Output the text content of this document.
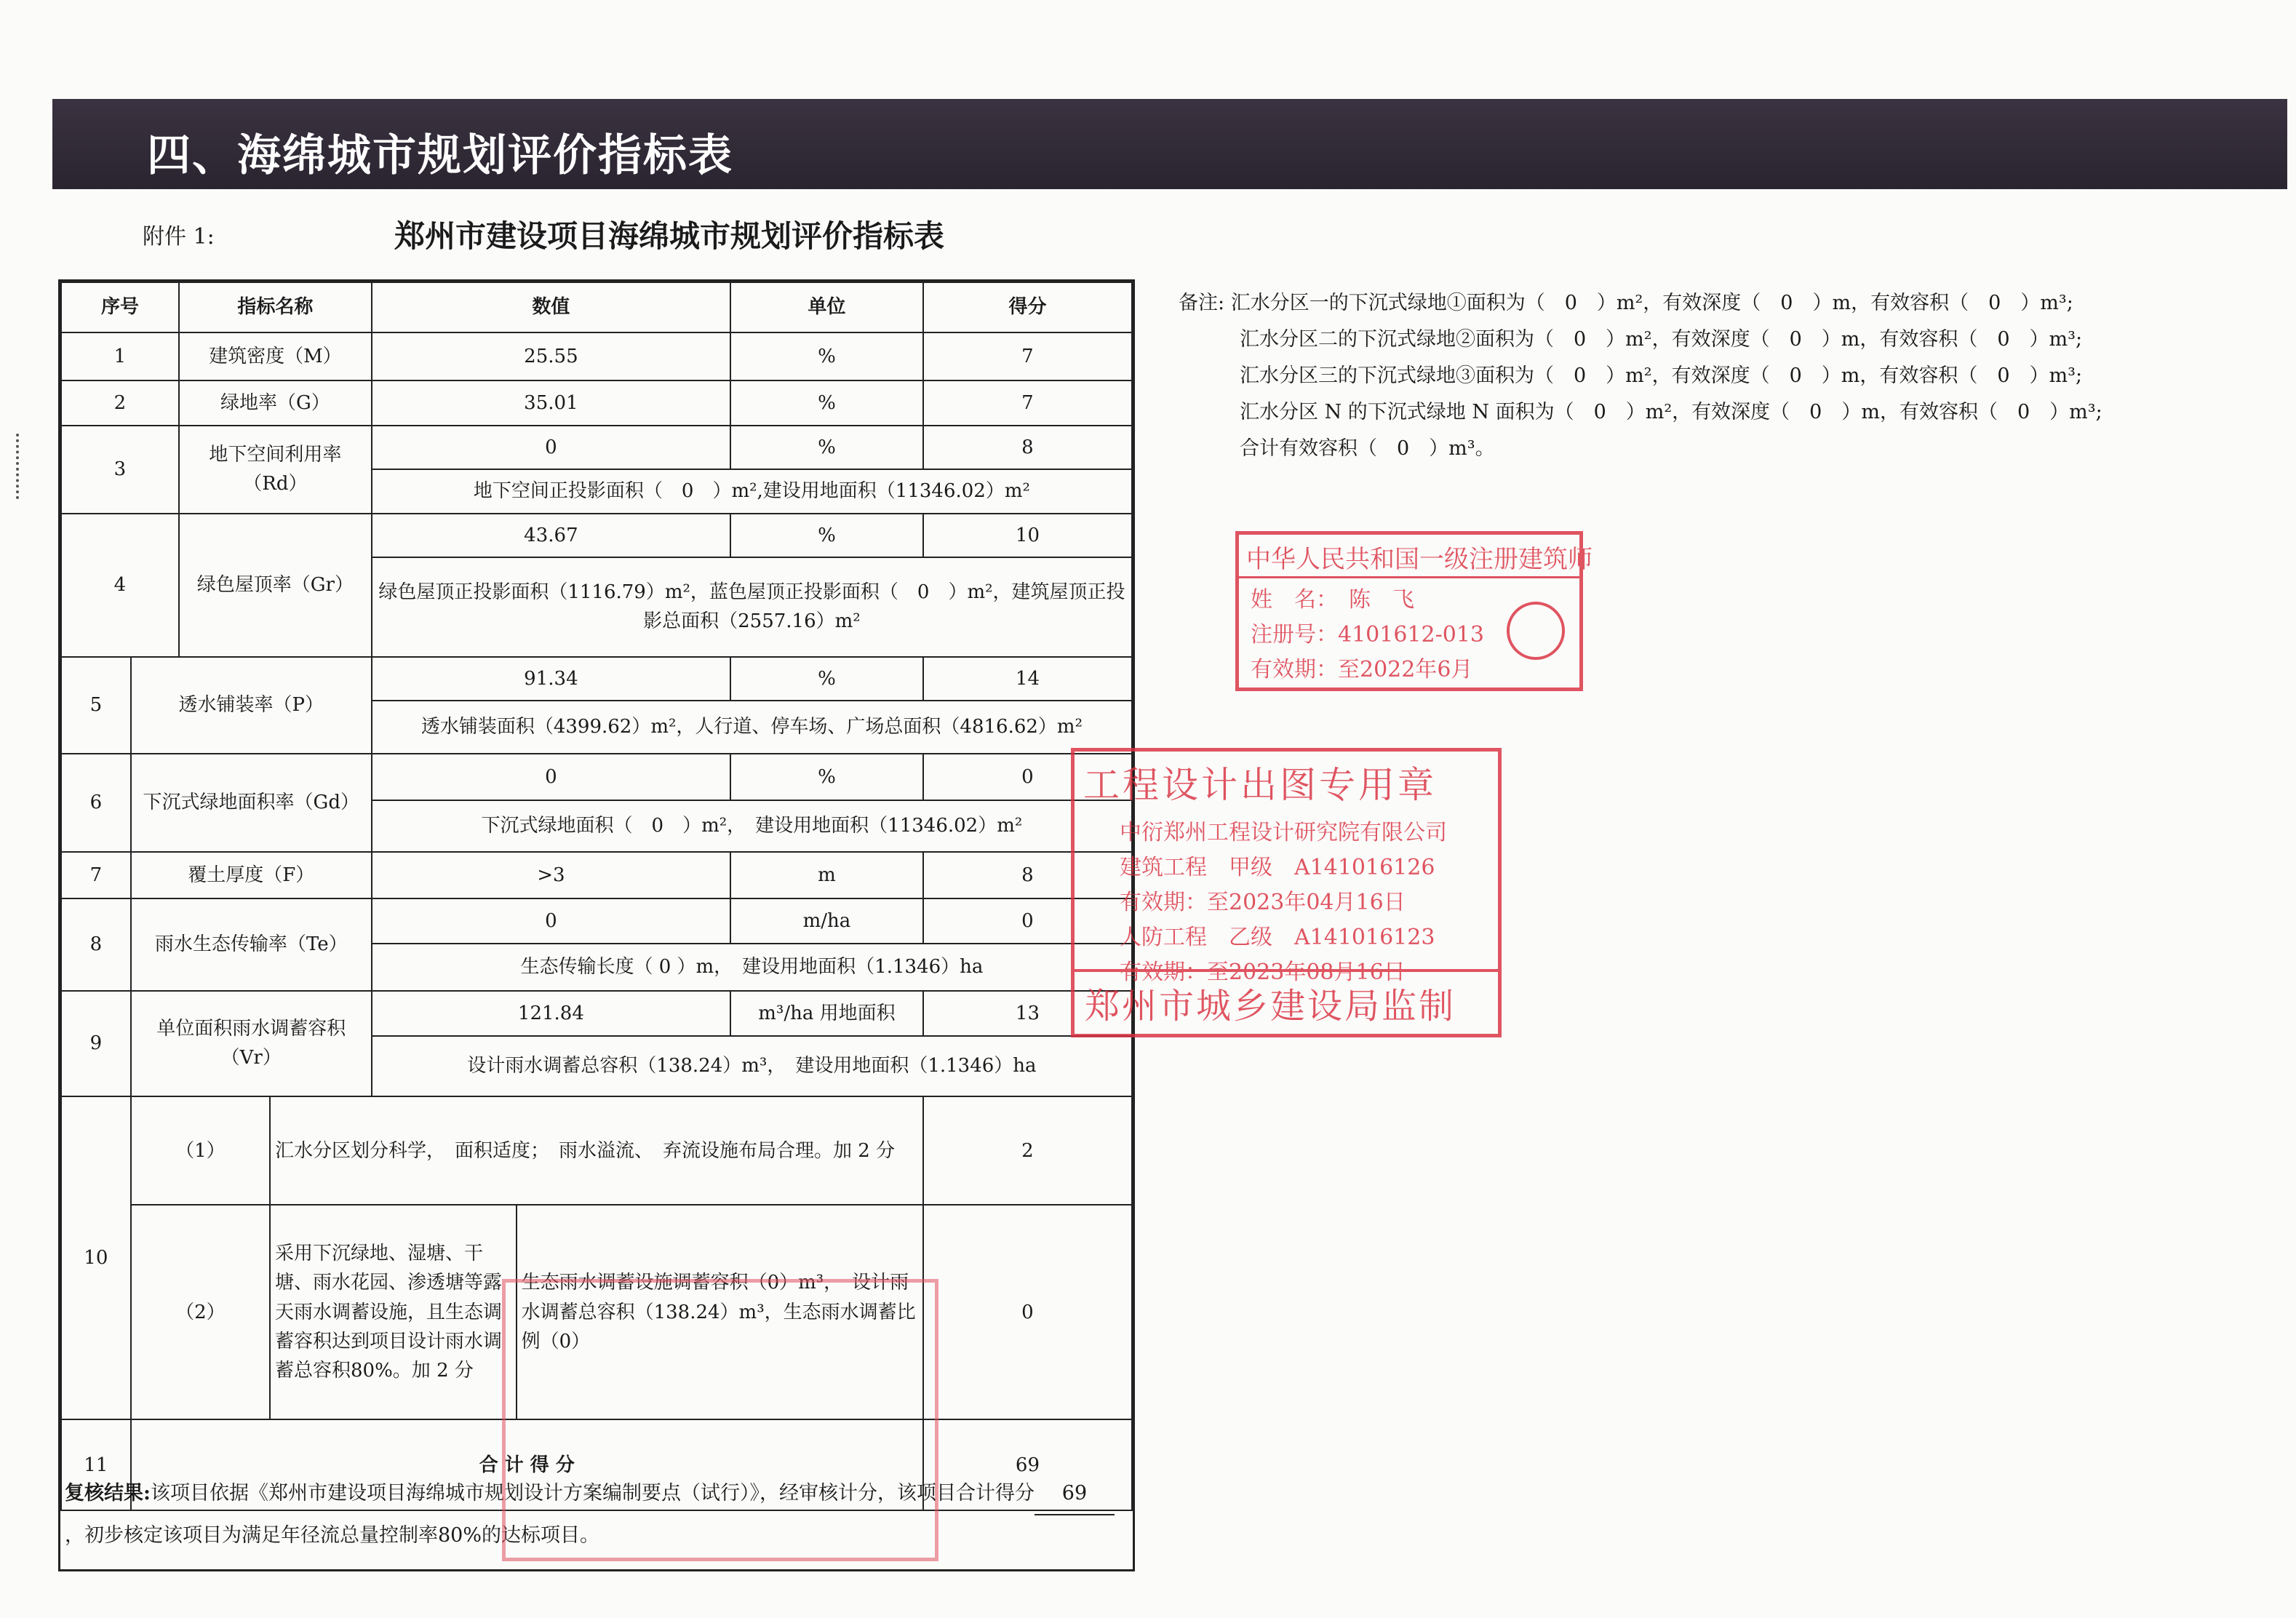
四、海绵城市规划评价指标表
附件 1:	郑州市建设项目海绵城市规划评价指标表
序号		指标名称		数值		单位	得分
1		建筑密度（M）		25.55		%	7
2		绿地率（G）		35.01		%	7
3		地下空间利用率（Rd）		0		%	8
				地下空间正投影面积（　0　）m²,建设用地面积（11346.02）m²			
4		绿色屋顶率（Gr）		43.67		%	10
				绿色屋顶正投影面积（1116.79）m²，蓝色屋顶正投影面积（　0　）m²，建筑屋顶正投影总面积（2557.16）m²			
5	透水铺装率（P）			91.34		%	14
				透水铺装面积（4399.62）m²，人行道、停车场、广场总面积（4816.62）m²			
6	下沉式绿地面积率（Gd）			0		%	0
				下沉式绿地面积（　0　）m²，　建设用地面积（11346.02）m²			
7	覆土厚度（F）			>3		m	8
8	雨水生态传输率（Te）			0		m/ha	0
				生态传输长度（ 0 ）m，　建设用地面积（1.1346）ha			
9	单位面积雨水调蓄容积（Vr）			121.84		m³/ha 用地面积	13
				设计雨水调蓄总容积（138.24）m³，　建设用地面积（1.1346）ha			
10	（1）		汇水分区划分科学，　面积适度；　雨水溢流、　弃流设施布局合理。加 2 分				2
	（2）		采用下沉绿地、湿塘、干塘、雨水花园、渗透塘等露天雨水调蓄设施，且生态调蓄容积达到项目设计雨水调蓄总容积80%。加 2 分		生态雨水调蓄设施调蓄容积（0）m³，　设计雨水调蓄总容积（138.24）m³，生态雨水调蓄比例（0）		0
11	合 计 得 分						69
复核结果:该项目依据《郑州市建设项目海绵城市规划设计方案编制要点（试行）》，经审核计分，该项目合计得分 69，初步核定该项目为满足年径流总量控制率80%的达标项目。
备注: 汇水分区一的下沉式绿地①面积为（　0　）m²，有效深度（　0　）m，有效容积（　0　）m³;
汇水分区二的下沉式绿地②面积为（　0　）m²，有效深度（　0　）m，有效容积（　0　）m³;
汇水分区三的下沉式绿地③面积为（　0　）m²，有效深度（　0　）m，有效容积（　0　）m³;
汇水分区 N 的下沉式绿地 N 面积为（　0　）m²，有效深度（　0　）m，有效容积（　0　）m³;
合计有效容积（　0　）m³。
中华人民共和国一级注册建筑师
姓　名：　陈　飞
注册号：4101612-013
有效期：至2022年6月
工程设计出图专用章
中衍郑州工程设计研究院有限公司
建筑工程　甲级　A141016126
有效期：至2023年04月16日
人防工程　乙级　A141016123
有效期：至2023年08月16日
郑州市城乡建设局监制
